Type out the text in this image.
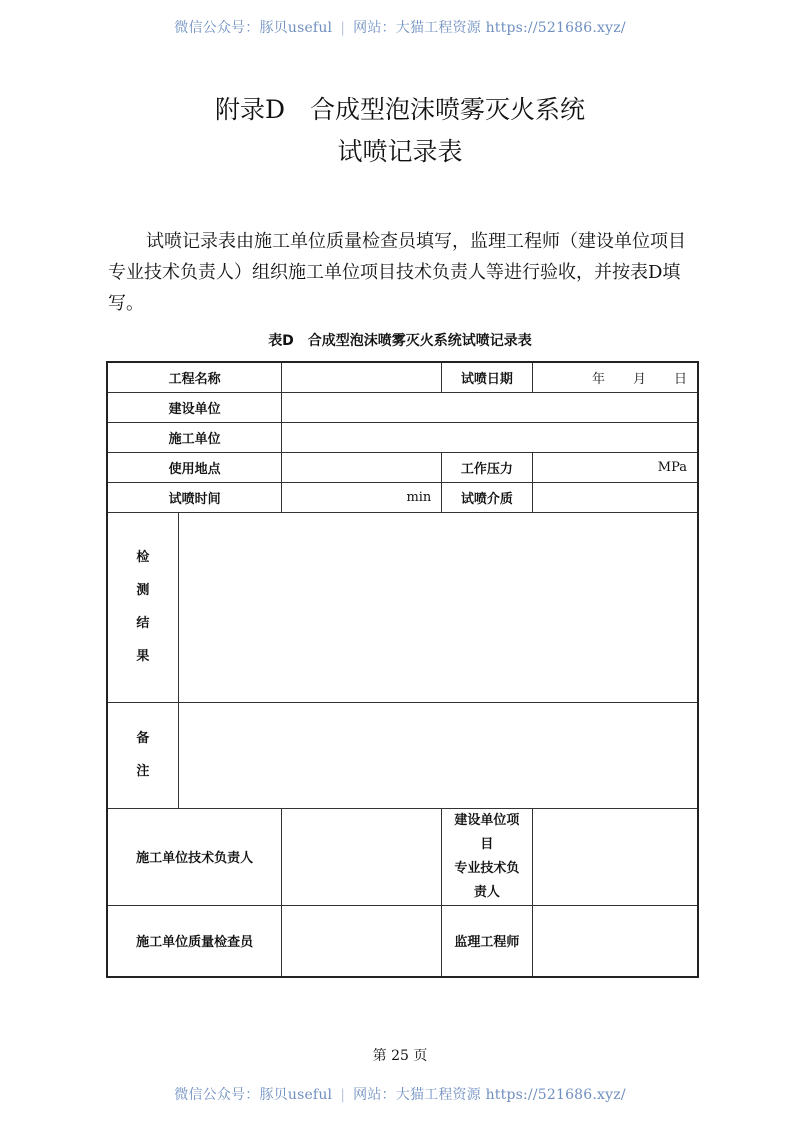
微信公众号：豚贝useful | 网站：大猫工程资源 https://521686.xyz/
附录D　合成型泡沫喷雾灭火系统
试喷记录表
试喷记录表由施工单位质量检查员填写，监理工程师（建设单位项目专业技术负责人）组织施工单位项目技术负责人等进行验收，并按表D填写。
表D　合成型泡沫喷雾灭火系统试喷记录表
工程名称			试喷日期	年 月 日
建设单位				
施工单位				
使用地点			工作压力	MPa
试喷时间		min	试喷介质	

检
测
结
果				

备
注				

施工单位技术负责人			建设单位项目
专业技术负责人	

施工单位质量检查员			监理工程师	
第 25 页
微信公众号：豚贝useful | 网站：大猫工程资源 https://521686.xyz/
